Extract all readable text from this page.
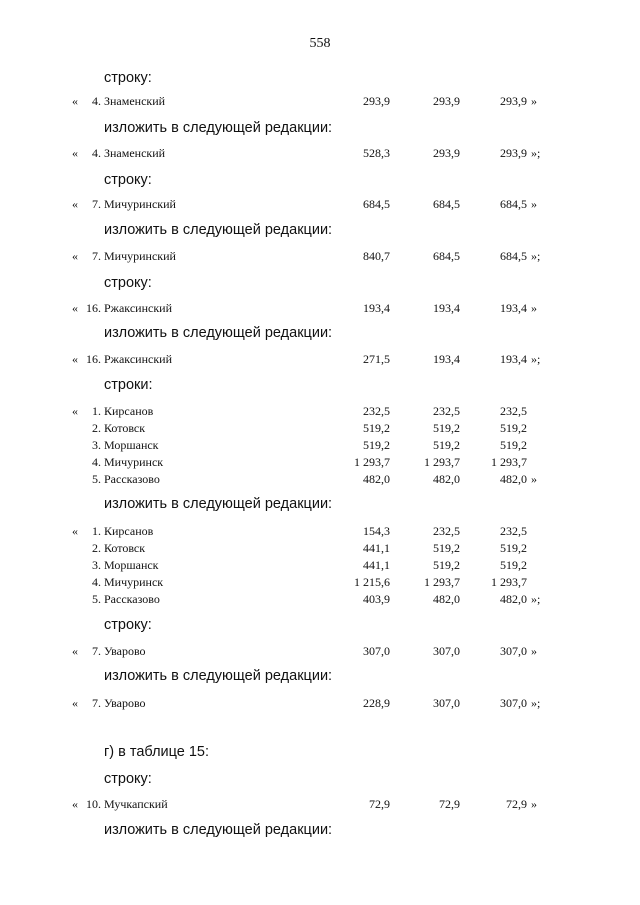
558
строку:
« 4. Знаменский	293,9	293,9	293,9 »
изложить в следующей редакции:
« 4. Знаменский	528,3	293,9	293,9 »;
строку:
« 7. Мичуринский	684,5	684,5	684,5 »
изложить в следующей редакции:
« 7. Мичуринский	840,7	684,5	684,5 »;
строку:
« 16. Ржаксинский	193,4	193,4	193,4 »
изложить в следующей редакции:
« 16. Ржаксинский	271,5	193,4	193,4 »;
строки:
« 1. Кирсанов	232,5	232,5	232,5
2. Котовск	519,2	519,2	519,2
3. Моршанск	519,2	519,2	519,2
4. Мичуринск	1 293,7	1 293,7	1 293,7
5. Рассказово	482,0	482,0	482,0 »
изложить в следующей редакции:
« 1. Кирсанов	154,3	232,5	232,5
2. Котовск	441,1	519,2	519,2
3. Моршанск	441,1	519,2	519,2
4. Мичуринск	1 215,6	1 293,7	1 293,7
5. Рассказово	403,9	482,0	482,0 »;
строку:
« 7. Уварово	307,0	307,0	307,0 »
изложить в следующей редакции:
« 7. Уварово	228,9	307,0	307,0 »;
г) в таблице 15:
строку:
« 10. Мучкапский	72,9	72,9	72,9 »
изложить в следующей редакции:
